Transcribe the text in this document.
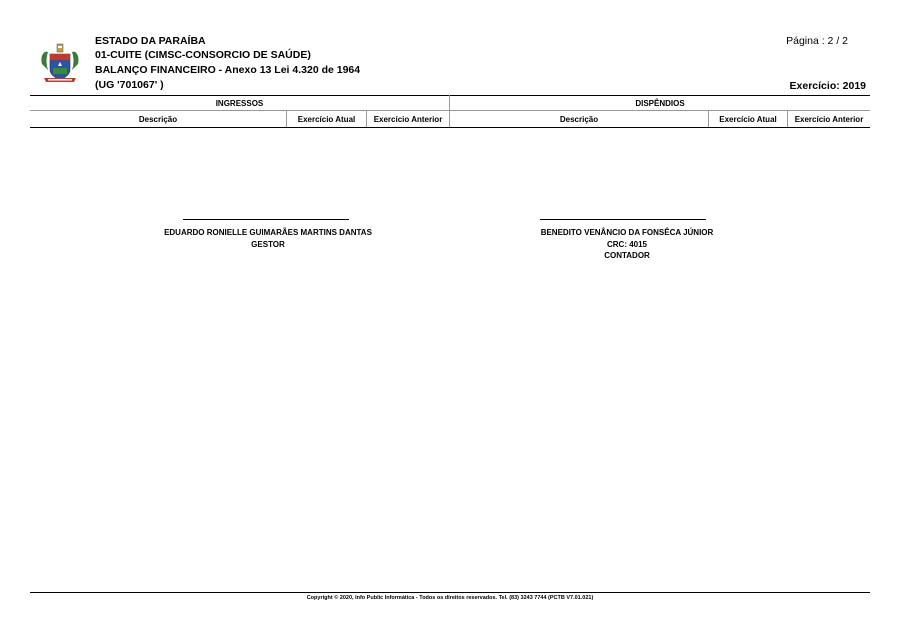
ESTADO DA PARAÍBA
01-CUITE (CIMSC-CONSORCIO DE SAÚDE)
BALANÇO FINANCEIRO - Anexo 13 Lei 4.320 de 1964
(UG '701067' )
Página : 2 / 2
Exercício: 2019
INGRESSOS	DISPÊNDIOS
Descrição	Exercício Atual	Exercício Anterior	Descrição	Exercício Atual	Exercício Anterior
EDUARDO RONIELLE GUIMARÃES MARTINS DANTAS
GESTOR
BENEDITO VENÂNCIO DA FONSÊCA JÚNIOR
CRC: 4015
CONTADOR
Copyright © 2020, Info Public Informática - Todos os direitos reservados. Tel. (83) 3243 7744 (PCTB V7.01.021)
